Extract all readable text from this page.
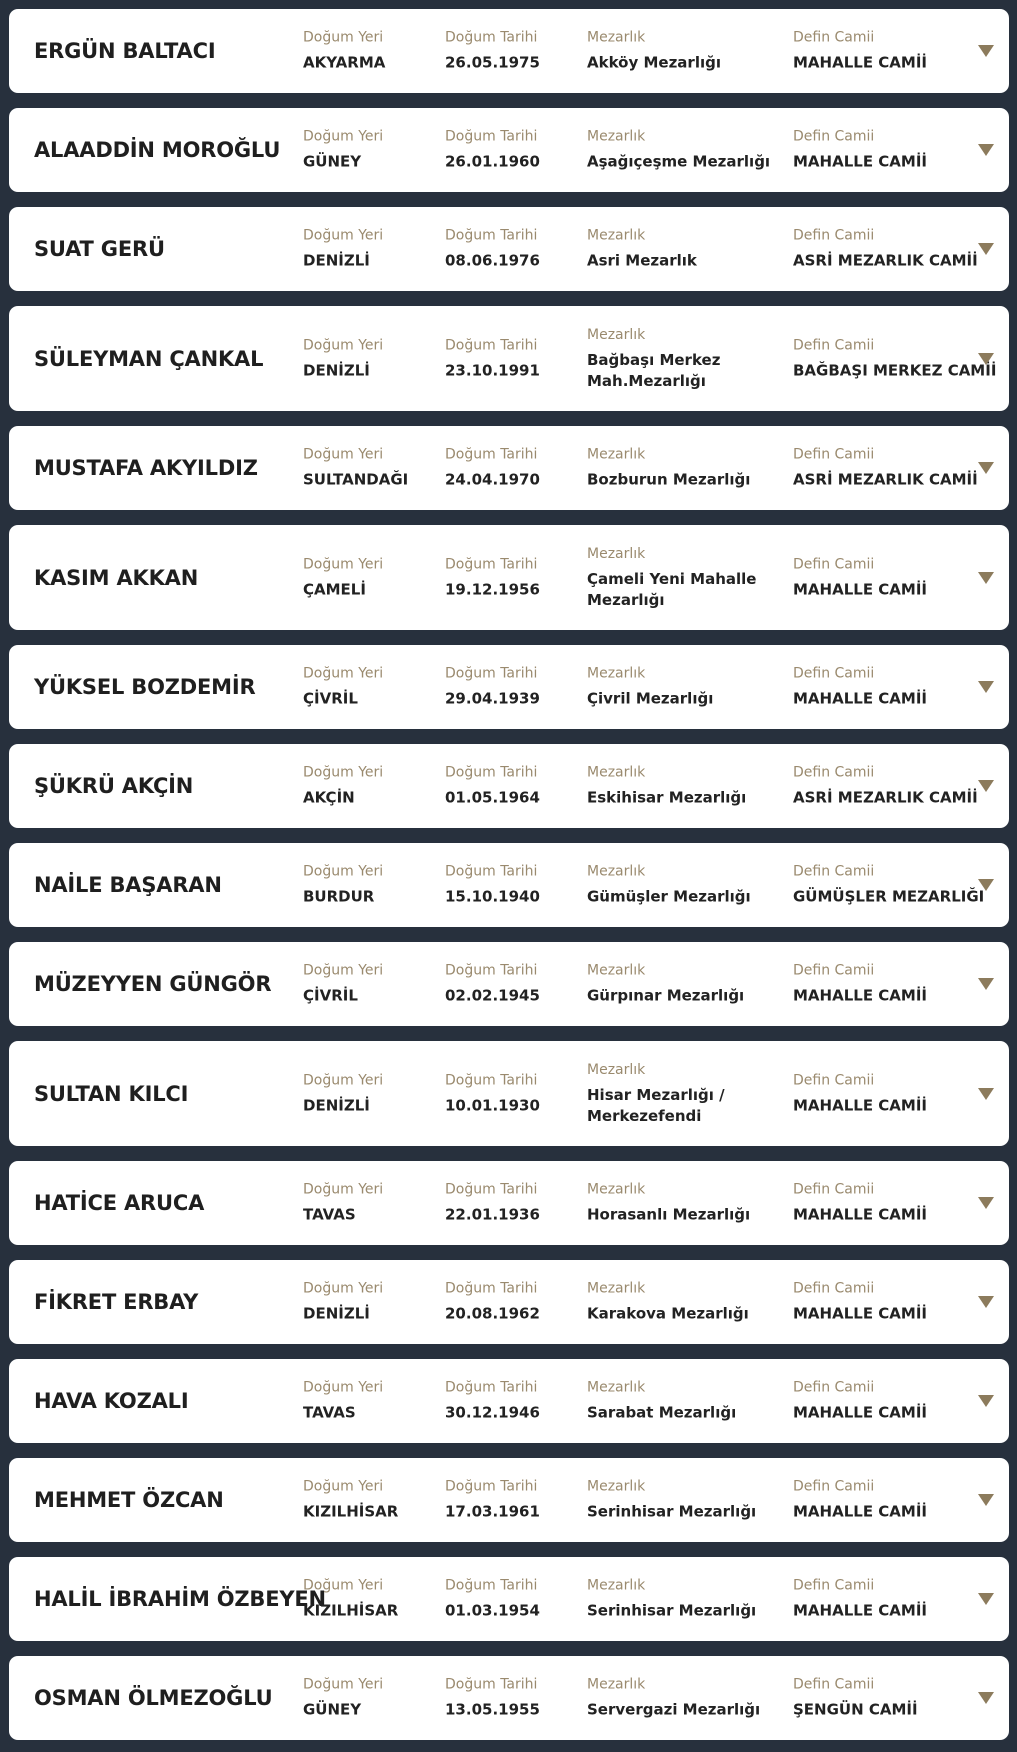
ERGÜN BALTACI
Doğum Yeri
AKYARMA
Doğum Tarihi
26.05.1975
Mezarlık
Akköy Mezarlığı
Defin Camii
MAHALLE CAMİİ
ALAADDİN MOROĞLU
Doğum Yeri
GÜNEY
Doğum Tarihi
26.01.1960
Mezarlık
Aşağıçeşme Mezarlığı
Defin Camii
MAHALLE CAMİİ
SUAT GERÜ
Doğum Yeri
DENİZLİ
Doğum Tarihi
08.06.1976
Mezarlık
Asri Mezarlık
Defin Camii
ASRİ MEZARLIK CAMİİ
SÜLEYMAN ÇANKAL
Doğum Yeri
DENİZLİ
Doğum Tarihi
23.10.1991
Mezarlık
Bağbaşı Merkez Mah.Mezarlığı
Defin Camii
BAĞBAŞI MERKEZ CAMİİ
MUSTAFA AKYILDIZ
Doğum Yeri
SULTANDAĞI
Doğum Tarihi
24.04.1970
Mezarlık
Bozburun Mezarlığı
Defin Camii
ASRİ MEZARLIK CAMİİ
KASIM AKKAN
Doğum Yeri
ÇAMELİ
Doğum Tarihi
19.12.1956
Mezarlık
Çameli Yeni Mahalle Mezarlığı
Defin Camii
MAHALLE CAMİİ
YÜKSEL BOZDEMİR
Doğum Yeri
ÇİVRİL
Doğum Tarihi
29.04.1939
Mezarlık
Çivril Mezarlığı
Defin Camii
MAHALLE CAMİİ
ŞÜKRÜ AKÇİN
Doğum Yeri
AKÇİN
Doğum Tarihi
01.05.1964
Mezarlık
Eskihisar Mezarlığı
Defin Camii
ASRİ MEZARLIK CAMİİ
NAİLE BAŞARAN
Doğum Yeri
BURDUR
Doğum Tarihi
15.10.1940
Mezarlık
Gümüşler Mezarlığı
Defin Camii
GÜMÜŞLER MEZARLIĞI
MÜZEYYEN GÜNGÖR
Doğum Yeri
ÇİVRİL
Doğum Tarihi
02.02.1945
Mezarlık
Gürpınar Mezarlığı
Defin Camii
MAHALLE CAMİİ
SULTAN KILCI
Doğum Yeri
DENİZLİ
Doğum Tarihi
10.01.1930
Mezarlık
Hisar Mezarlığı / Merkezefendi
Defin Camii
MAHALLE CAMİİ
HATİCE ARUCA
Doğum Yeri
TAVAS
Doğum Tarihi
22.01.1936
Mezarlık
Horasanlı Mezarlığı
Defin Camii
MAHALLE CAMİİ
FİKRET ERBAY
Doğum Yeri
DENİZLİ
Doğum Tarihi
20.08.1962
Mezarlık
Karakova Mezarlığı
Defin Camii
MAHALLE CAMİİ
HAVA KOZALI
Doğum Yeri
TAVAS
Doğum Tarihi
30.12.1946
Mezarlık
Sarabat Mezarlığı
Defin Camii
MAHALLE CAMİİ
MEHMET ÖZCAN
Doğum Yeri
KIZILHİSAR
Doğum Tarihi
17.03.1961
Mezarlık
Serinhisar Mezarlığı
Defin Camii
MAHALLE CAMİİ
HALİL İBRAHİM ÖZBEYEN
Doğum Yeri
KIZILHİSAR
Doğum Tarihi
01.03.1954
Mezarlık
Serinhisar Mezarlığı
Defin Camii
MAHALLE CAMİİ
OSMAN ÖLMEZOĞLU
Doğum Yeri
GÜNEY
Doğum Tarihi
13.05.1955
Mezarlık
Servergazi Mezarlığı
Defin Camii
ŞENGÜN CAMİİ
